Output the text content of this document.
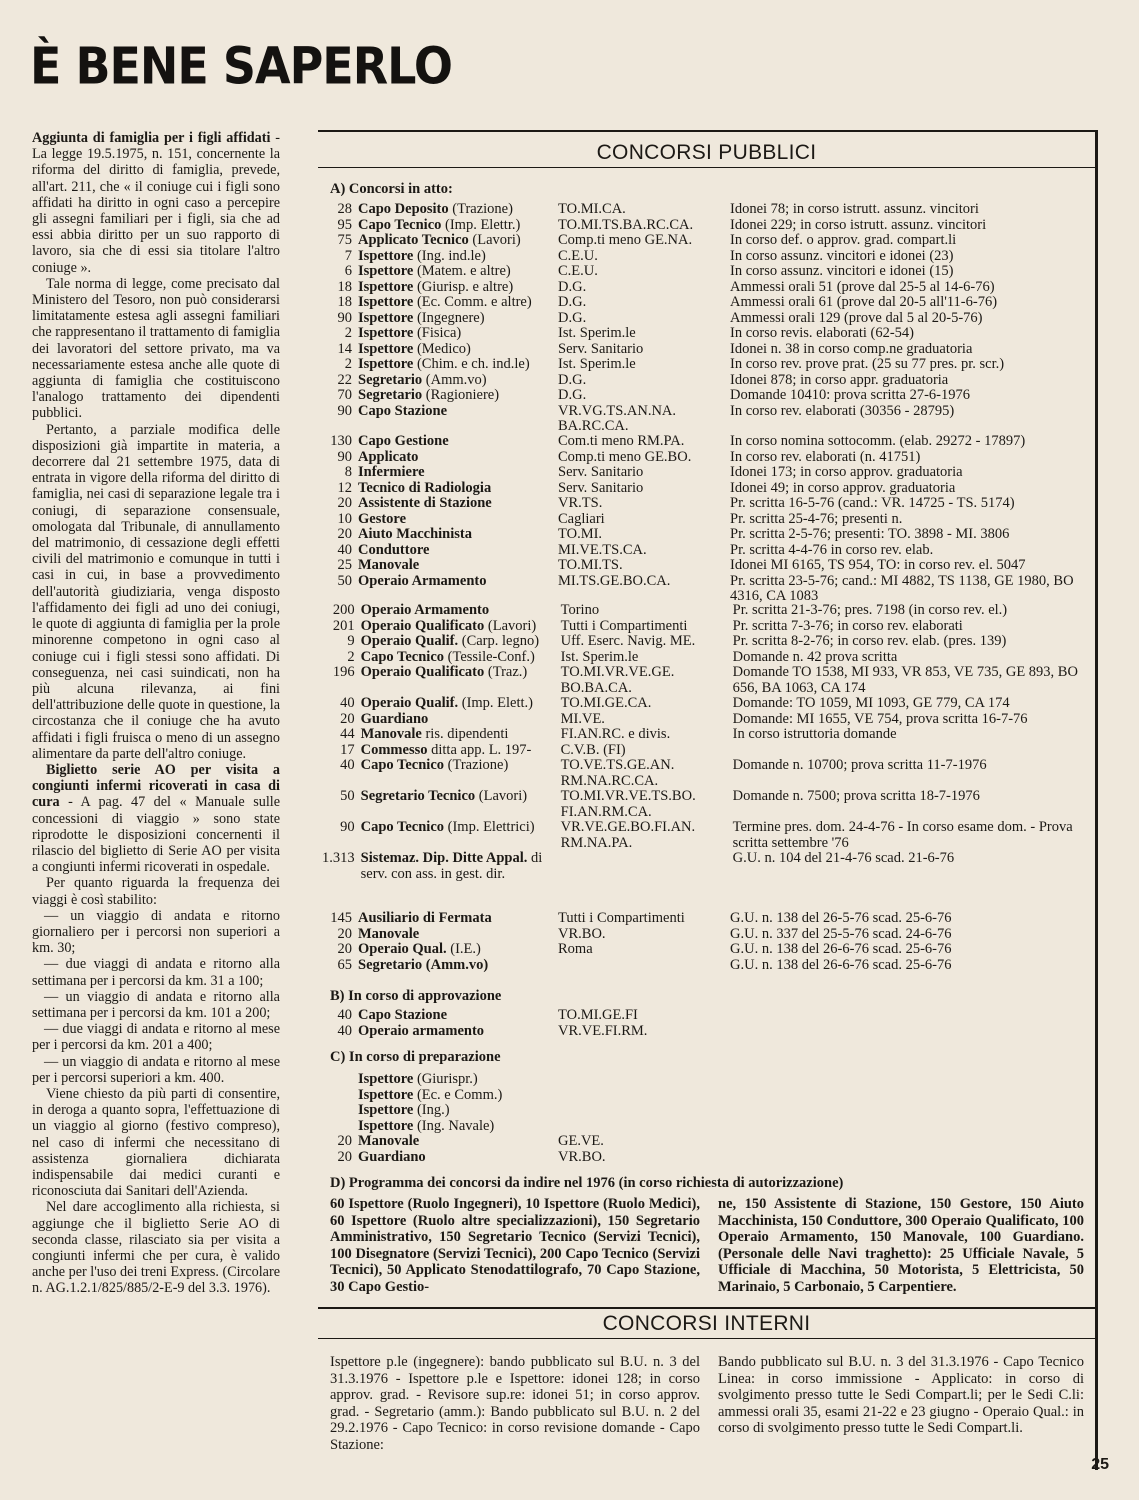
È BENE SAPERLO

Aggiunta di famiglia per i figli affidati - La legge 19.5.1975, n. 151, concernente la riforma del diritto di famiglia, prevede, all'art. 211, che « il coniuge cui i figli sono affidati ha diritto in ogni caso a percepire gli assegni familiari per i figli, sia che ad essi abbia diritto per un suo rapporto di lavoro, sia che di essi sia titolare l'altro coniuge ».

Tale norma di legge, come precisato dal Ministero del Tesoro, non può considerarsi limitatamente estesa agli assegni familiari che rappresentano il trattamento di famiglia dei lavoratori del settore privato, ma va necessariamente estesa anche alle quote di aggiunta di famiglia che costituiscono l'analogo trattamento dei dipendenti pubblici.

Pertanto, a parziale modifica delle disposizioni già impartite in materia, a decorrere dal 21 settembre 1975, data di entrata in vigore della riforma del diritto di famiglia, nei casi di separazione legale tra i coniugi, di separazione consensuale, omologata dal Tribunale, di annullamento del matrimonio, di cessazione degli effetti civili del matrimonio e comunque in tutti i casi in cui, in base a provvedimento dell'autorità giudiziaria, venga disposto l'affidamento dei figli ad uno dei coniugi, le quote di aggiunta di famiglia per la prole minorenne competono in ogni caso al coniuge cui i figli stessi sono affidati. Di conseguenza, nei casi suindicati, non ha più alcuna rilevanza, ai fini dell'attribuzione delle quote in questione, la circostanza che il coniuge che ha avuto affidati i figli fruisca o meno di un assegno alimentare da parte dell'altro coniuge.

Biglietto serie AO per visita a congiunti infermi ricoverati in casa di cura - A pag. 47 del « Manuale sulle concessioni di viaggio » sono state riprodotte le disposizioni concernenti il rilascio del biglietto di Serie AO per visita a congiunti infermi ricoverati in ospedale.

Per quanto riguarda la frequenza dei viaggi è così stabilito:

— un viaggio di andata e ritorno giornaliero per i percorsi non superiori a km. 30;

— due viaggi di andata e ritorno alla settimana per i percorsi da km. 31 a 100;

— un viaggio di andata e ritorno alla settimana per i percorsi da km. 101 a 200;

— due viaggi di andata e ritorno al mese per i percorsi da km. 201 a 400;

— un viaggio di andata e ritorno al mese per i percorsi superiori a km. 400.

Viene chiesto da più parti di consentire, in deroga a quanto sopra, l'effettuazione di un viaggio al giorno (festivo compreso), nel caso di infermi che necessitano di assistenza giornaliera dichiarata indispensabile dai medici curanti e riconosciuta dai Sanitari dell'Azienda.

Nel dare accoglimento alla richiesta, si aggiunge che il biglietto Serie AO di seconda classe, rilasciato sia per visita a congiunti infermi che per cura, è valido anche per l'uso dei treni Express. (Circolare n. AG.1.2.1/825/885/2-E-9 del 3.3. 1976).

CONCORSI PUBBLICI
A) Concorsi in atto:
28	Capo Deposito (Trazione)	TO.MI.CA.	Idonei 78; in corso istrutt. assunz. vincitori
95	Capo Tecnico (Imp. Elettr.)	TO.MI.TS.BA.RC.CA.	Idonei 229; in corso istrutt. assunz. vincitori
75	Applicato Tecnico (Lavori)	Comp.ti meno GE.NA.	In corso def. o approv. grad. compart.li
7	Ispettore (Ing. ind.le)	C.E.U.	In corso assunz. vincitori e idonei (23)
6	Ispettore (Matem. e altre)	C.E.U.	In corso assunz. vincitori e idonei (15)
18	Ispettore (Giurisp. e altre)	D.G.	Ammessi orali 51 (prove dal 25-5 al 14-6-76)
18	Ispettore (Ec. Comm. e altre)	D.G.	Ammessi orali 61 (prove dal 20-5 all'11-6-76)
90	Ispettore (Ingegnere)	D.G.	Ammessi orali 129 (prove dal 5 al 20-5-76)
2	Ispettore (Fisica)	Ist. Sperim.le	In corso revis. elaborati (62-54)
14	Ispettore (Medico)	Serv. Sanitario	Idonei n. 38 in corso comp.ne graduatoria
2	Ispettore (Chim. e ch. ind.le)	Ist. Sperim.le	In corso rev. prove prat. (25 su 77 pres. pr. scr.)
22	Segretario (Amm.vo)	D.G.	Idonei 878; in corso appr. graduatoria
70	Segretario (Ragioniere)	D.G.	Domande 10410: prova scritta 27-6-1976
90	Capo Stazione	VR.VG.TS.AN.NA. BA.RC.CA.	In corso rev. elaborati (30356 - 28795)
130	Capo Gestione	Com.ti meno RM.PA.	In corso nomina sottocomm. (elab. 29272 - 17897)
90	Applicato	Comp.ti meno GE.BO.	In corso rev. elaborati (n. 41751)
8	Infermiere	Serv. Sanitario	Idonei 173; in corso approv. graduatoria
12	Tecnico di Radiologia	Serv. Sanitario	Idonei 49; in corso approv. graduatoria
20	Assistente di Stazione	VR.TS.	Pr. scritta 16-5-76 (cand.: VR. 14725 - TS. 5174)
10	Gestore	Cagliari	Pr. scritta 25-4-76; presenti n.
20	Aiuto Macchinista	TO.MI.	Pr. scritta 2-5-76; presenti: TO. 3898 - MI. 3806
40	Conduttore	MI.VE.TS.CA.	Pr. scritta 4-4-76 in corso rev. elab.
25	Manovale	TO.MI.TS.	Idonei MI 6165, TS 954, TO: in corso rev. el. 5047
50	Operaio Armamento	MI.TS.GE.BO.CA.	Pr. scritta 23-5-76; cand.: MI 4882, TS 1138, GE 1980, BO 4316, CA 1083
200	Operaio Armamento	Torino	Pr. scritta 21-3-76; pres. 7198 (in corso rev. el.)
201	Operaio Qualificato (Lavori)	Tutti i Compartimenti	Pr. scritta 7-3-76; in corso rev. elaborati
9	Operaio Qualif. (Carp. legno)	Uff. Eserc. Navig. ME.	Pr. scritta 8-2-76; in corso rev. elab. (pres. 139)
2	Capo Tecnico (Tessile-Conf.)	Ist. Sperim.le	Domande n. 42 prova scritta
196	Operaio Qualificato (Traz.)	TO.MI.VR.VE.GE. BO.BA.CA.	Domande TO 1538, MI 933, VR 853, VE 735, GE 893, BO 656, BA 1063, CA 174
40	Operaio Qualif. (Imp. Elett.)	TO.MI.GE.CA.	Domande: TO 1059, MI 1093, GE 779, CA 174
20	Guardiano	MI.VE.	Domande: MI 1655, VE 754, prova scritta 16-7-76
44	Manovale ris. dipendenti	FI.AN.RC. e divis.	In corso istruttoria domande
17	Commesso ditta app. L. 197-	C.V.B. (FI)	
40	Capo Tecnico (Trazione)	TO.VE.TS.GE.AN. RM.NA.RC.CA.	Domande n. 10700; prova scritta 11-7-1976
50	Segretario Tecnico (Lavori)	TO.MI.VR.VE.TS.BO. FI.AN.RM.CA.	Domande n. 7500; prova scritta 18-7-1976
90	Capo Tecnico (Imp. Elettrici)	VR.VE.GE.BO.FI.AN. RM.NA.PA.	Termine pres. dom. 24-4-76 - In corso esame dom. - Prova scritta settembre '76
1.313	Sistemaz. Dip. Ditte Appal. di serv. con ass. in gest. dir.		G.U. n. 104 del 21-4-76 scad. 21-6-76
145	Ausiliario di Fermata	Tutti i Compartimenti	G.U. n. 138 del 26-5-76 scad. 25-6-76
20	Manovale	VR.BO.	G.U. n. 337 del 25-5-76 scad. 24-6-76
20	Operaio Qual. (I.E.)	Roma	G.U. n. 138 del 26-6-76 scad. 25-6-76
65	Segretario (Amm.vo)		G.U. n. 138 del 26-6-76 scad. 25-6-76
B) In corso di approvazione
40	Capo Stazione	TO.MI.GE.FI	
40	Operaio armamento	VR.VE.FI.RM.	
C) In corso di preparazione
	Ispettore (Giurispr.)		
	Ispettore (Ec. e Comm.)		
	Ispettore (Ing.)		
	Ispettore (Ing. Navale)		
20	Manovale	GE.VE.	
20	Guardiano	VR.BO.	
D) Programma dei concorsi da indire nel 1976 (in corso richiesta di autorizzazione)
60 Ispettore (Ruolo Ingegneri), 10 Ispettore (Ruolo Medici), 60 Ispettore (Ruolo altre specializzazioni), 150 Segretario Amministrativo, 150 Segretario Tecnico (Servizi Tecnici), 100 Disegnatore (Servizi Tecnici), 200 Capo Tecnico (Servizi Tecnici), 50 Applicato Stenodattilografo, 70 Capo Stazione, 30 Capo Gestio-
ne, 150 Assistente di Stazione, 150 Gestore, 150 Aiuto Macchinista, 150 Conduttore, 300 Operaio Qualificato, 100 Operaio Armamento, 150 Manovale, 100 Guardiano. (Personale delle Navi traghetto): 25 Ufficiale Navale, 5 Ufficiale di Macchina, 50 Motorista, 5 Elettricista, 50 Marinaio, 5 Carbonaio, 5 Carpentiere.
CONCORSI INTERNI
Ispettore p.le (ingegnere): bando pubblicato sul B.U. n. 3 del 31.3.1976 - Ispettore p.le e Ispettore: idonei 128; in corso approv. grad. - Revisore sup.re: idonei 51; in corso approv. grad. - Segretario (amm.): Bando pubblicato sul B.U. n. 2 del 29.2.1976 - Capo Tecnico: in corso revisione domande - Capo Stazione:
Bando pubblicato sul B.U. n. 3 del 31.3.1976 - Capo Tecnico Linea: in corso immissione - Applicato: in corso di svolgimento presso tutte le Sedi Compart.li; per le Sedi C.li: ammessi orali 35, esami 21-22 e 23 giugno - Operaio Qual.: in corso di svolgimento presso tutte le Sedi Compart.li.
25
